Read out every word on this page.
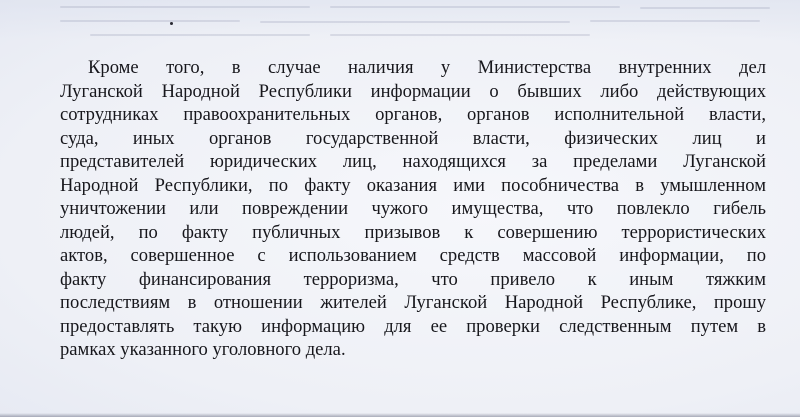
Кроме того, в случае наличия у Министерства внутренних дел
Луганской Народной Республики информации о бывших либо действующих
сотрудниках правоохранительных органов, органов исполнительной власти,
суда, иных органов государственной власти, физических лиц и
представителей юридических лиц, находящихся за пределами Луганской
Народной Республики, по факту оказания ими пособничества в умышленном
уничтожении или повреждении чужого имущества, что повлекло гибель
людей, по факту публичных призывов к совершению террористических
актов, совершенное с использованием средств массовой информации, по
факту финансирования терроризма, что привело к иным тяжким
последствиям в отношении жителей Луганской Народной Республике, прошу
предоставлять такую информацию для ее проверки следственным путем в
рамках указанного уголовного дела.
